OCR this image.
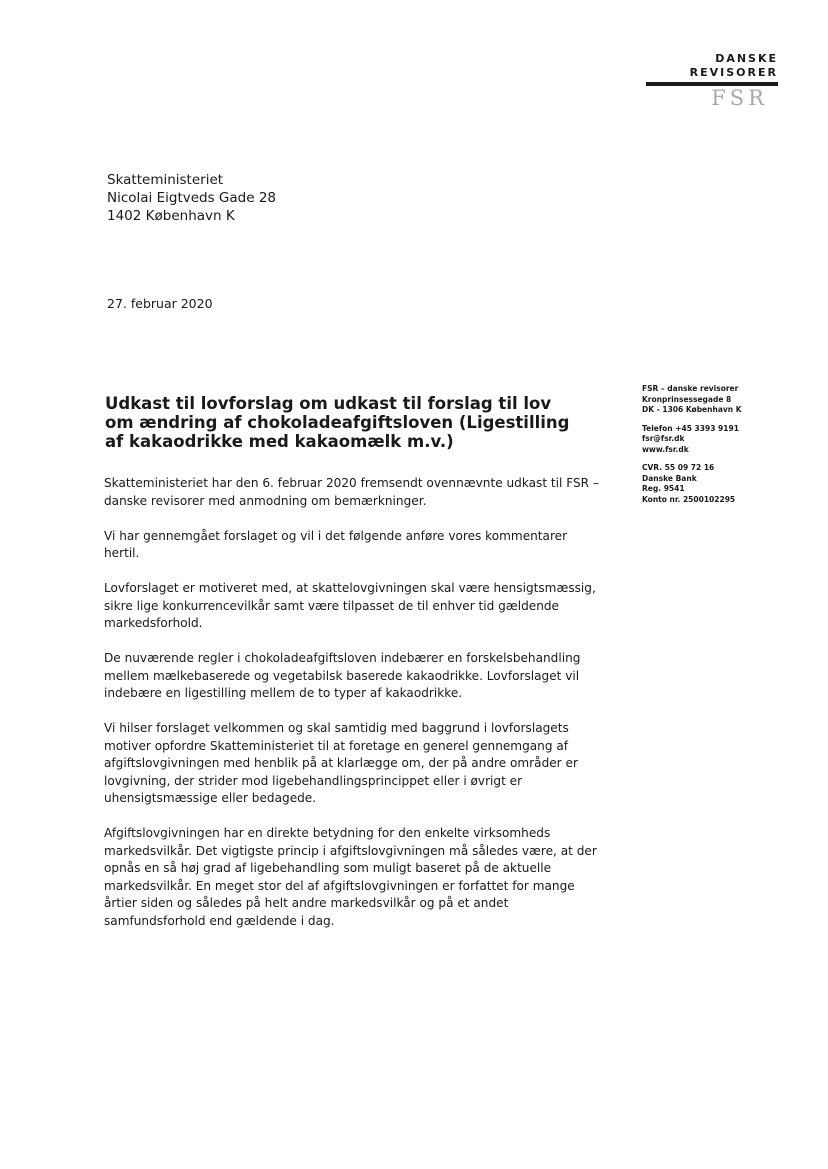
DANSKE
REVISORER
FSR
Skatteministeriet
Nicolai Eigtveds Gade 28
1402 København K
27. februar 2020
Udkast til lovforslag om udkast til forslag til lov om ændring af chokoladeafgiftsloven (Ligestilling af kakaodrikke med kakaomælk m.v.)
FSR – danske revisorer
Kronprinsessegade 8
DK - 1306 København K
Telefon +45 3393 9191
fsr@fsr.dk
www.fsr.dk
CVR. 55 09 72 16
Danske Bank
Reg. 9541
Konto nr. 2500102295

Skatteministeriet har den 6. februar 2020 fremsendt ovennævnte udkast til FSR – danske revisorer med anmodning om bemærkninger.

Vi har gennemgået forslaget og vil i det følgende anføre vores kommentarer hertil.

Lovforslaget er motiveret med, at skattelovgivningen skal være hensigtsmæssig, sikre lige konkurrencevilkår samt være tilpasset de til enhver tid gældende markedsforhold.

De nuværende regler i chokoladeafgiftsloven indebærer en forskelsbehandling mellem mælkebaserede og vegetabilsk baserede kakaodrikke. Lovforslaget vil indebære en ligestilling mellem de to typer af kakaodrikke.

Vi hilser forslaget velkommen og skal samtidig med baggrund i lovforslagets motiver opfordre Skatteministeriet til at foretage en generel gennemgang af afgiftslovgivningen med henblik på at klarlægge om, der på andre områder er lovgivning, der strider mod ligebehandlingsprincippet eller i øvrigt er uhensigtsmæssige eller bedagede.

Afgiftslovgivningen har en direkte betydning for den enkelte virksomheds markedsvilkår. Det vigtigste princip i afgiftslovgivningen må således være, at der opnås en så høj grad af ligebehandling som muligt baseret på de aktuelle markedsvilkår. En meget stor del af afgiftslovgivningen er forfattet for mange årtier siden og således på helt andre markedsvilkår og på et andet samfundsforhold end gældende i dag.
